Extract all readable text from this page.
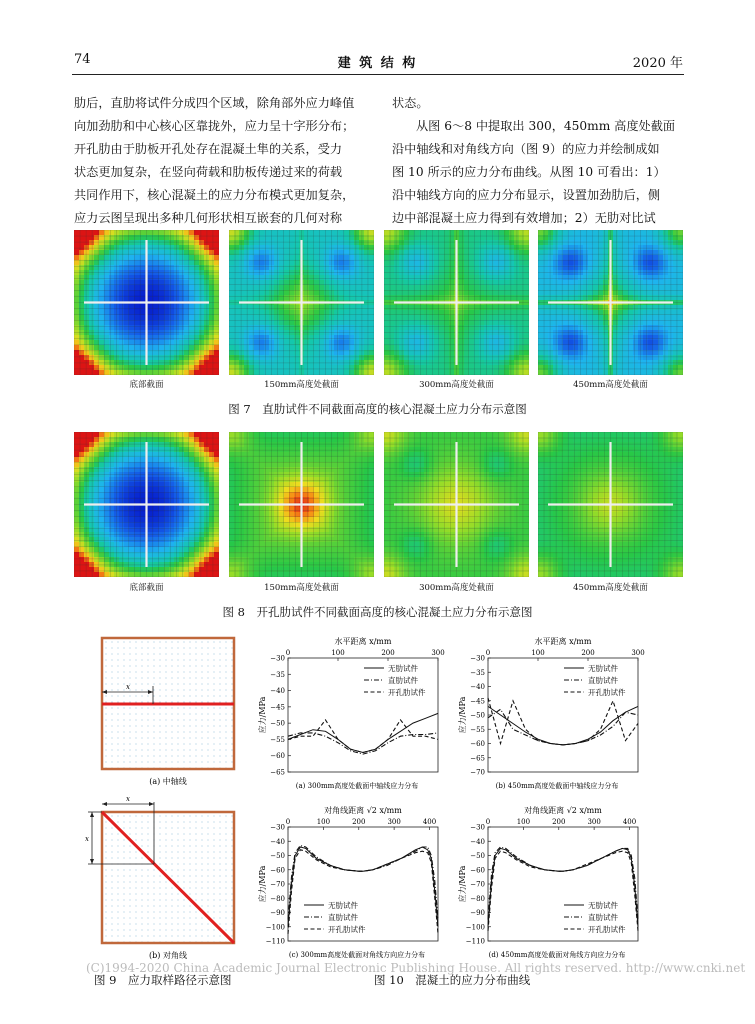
74	建 筑 结 构	2020 年

肋后，直肋将试件分成四个区域，除角部外应力峰值

向加劲肋和中心核心区靠拢外，应力呈十字形分布；

开孔肋由于肋板开孔处存在混凝土隼的关系，受力

状态更加复杂，在竖向荷载和肋板传递过来的荷载

共同作用下，核心混凝土的应力分布模式更加复杂，

应力云图呈现出多种几何形状相互嵌套的几何对称

状态。

从图 6～8 中提取出 300，450mm 高度处截面

沿中轴线和对角线方向（图 9）的应力并绘制成如

图 10 所示的应力分布曲线。从图 10 可看出：1）

沿中轴线方向的应力分布显示，设置加劲肋后，侧

边中部混凝土应力得到有效增加；2）无肋对比试

底部截面	150mm高度处截面	300mm高度处截面	450mm高度处截面
图 7　直肋试件不同截面高度的核心混凝土应力分布示意图
底部截面	150mm高度处截面	300mm高度处截面	450mm高度处截面
图 8　开孔肋试件不同截面高度的核心混凝土应力分布示意图
x
(a) 中轴线
x
x
(b) 对角线
图 9　应力取样路径示意图
水平距离 x/mm
0	100	200	300
−30
−35
−40
−45
−50
−55
−60
−65
应力/MPa
无肋试件
直肋试件
开孔肋试件
(a) 300mm高度处截面中轴线应力分布
水平距离 x/mm
0	100	200	300
−30
−35
−40
−45
−50
−55
−60
−65
−70
应力/MPa
无肋试件
直肋试件
开孔肋试件
(b) 450mm高度处截面中轴线应力分布
对角线距离 √2 x/mm
0	100	200	300	400
−30
−40
−50
−60
−70
−80
−90
−100
−110
应力/MPa
无肋试件
直肋试件
开孔肋试件
(c) 300mm高度处截面对角线方向应力分布
对角线距离 √2 x/mm
0	100	200	300	400
−30
−40
−50
−60
−70
−80
−90
−100
−110
应力/MPa
无肋试件
直肋试件
开孔肋试件
(d) 450mm高度处截面对角线方向应力分布
图 10　混凝土的应力分布曲线
(C)1994-2020 China Academic Journal Electronic Publishing House. All rights reserved. http://www.cnki.net
